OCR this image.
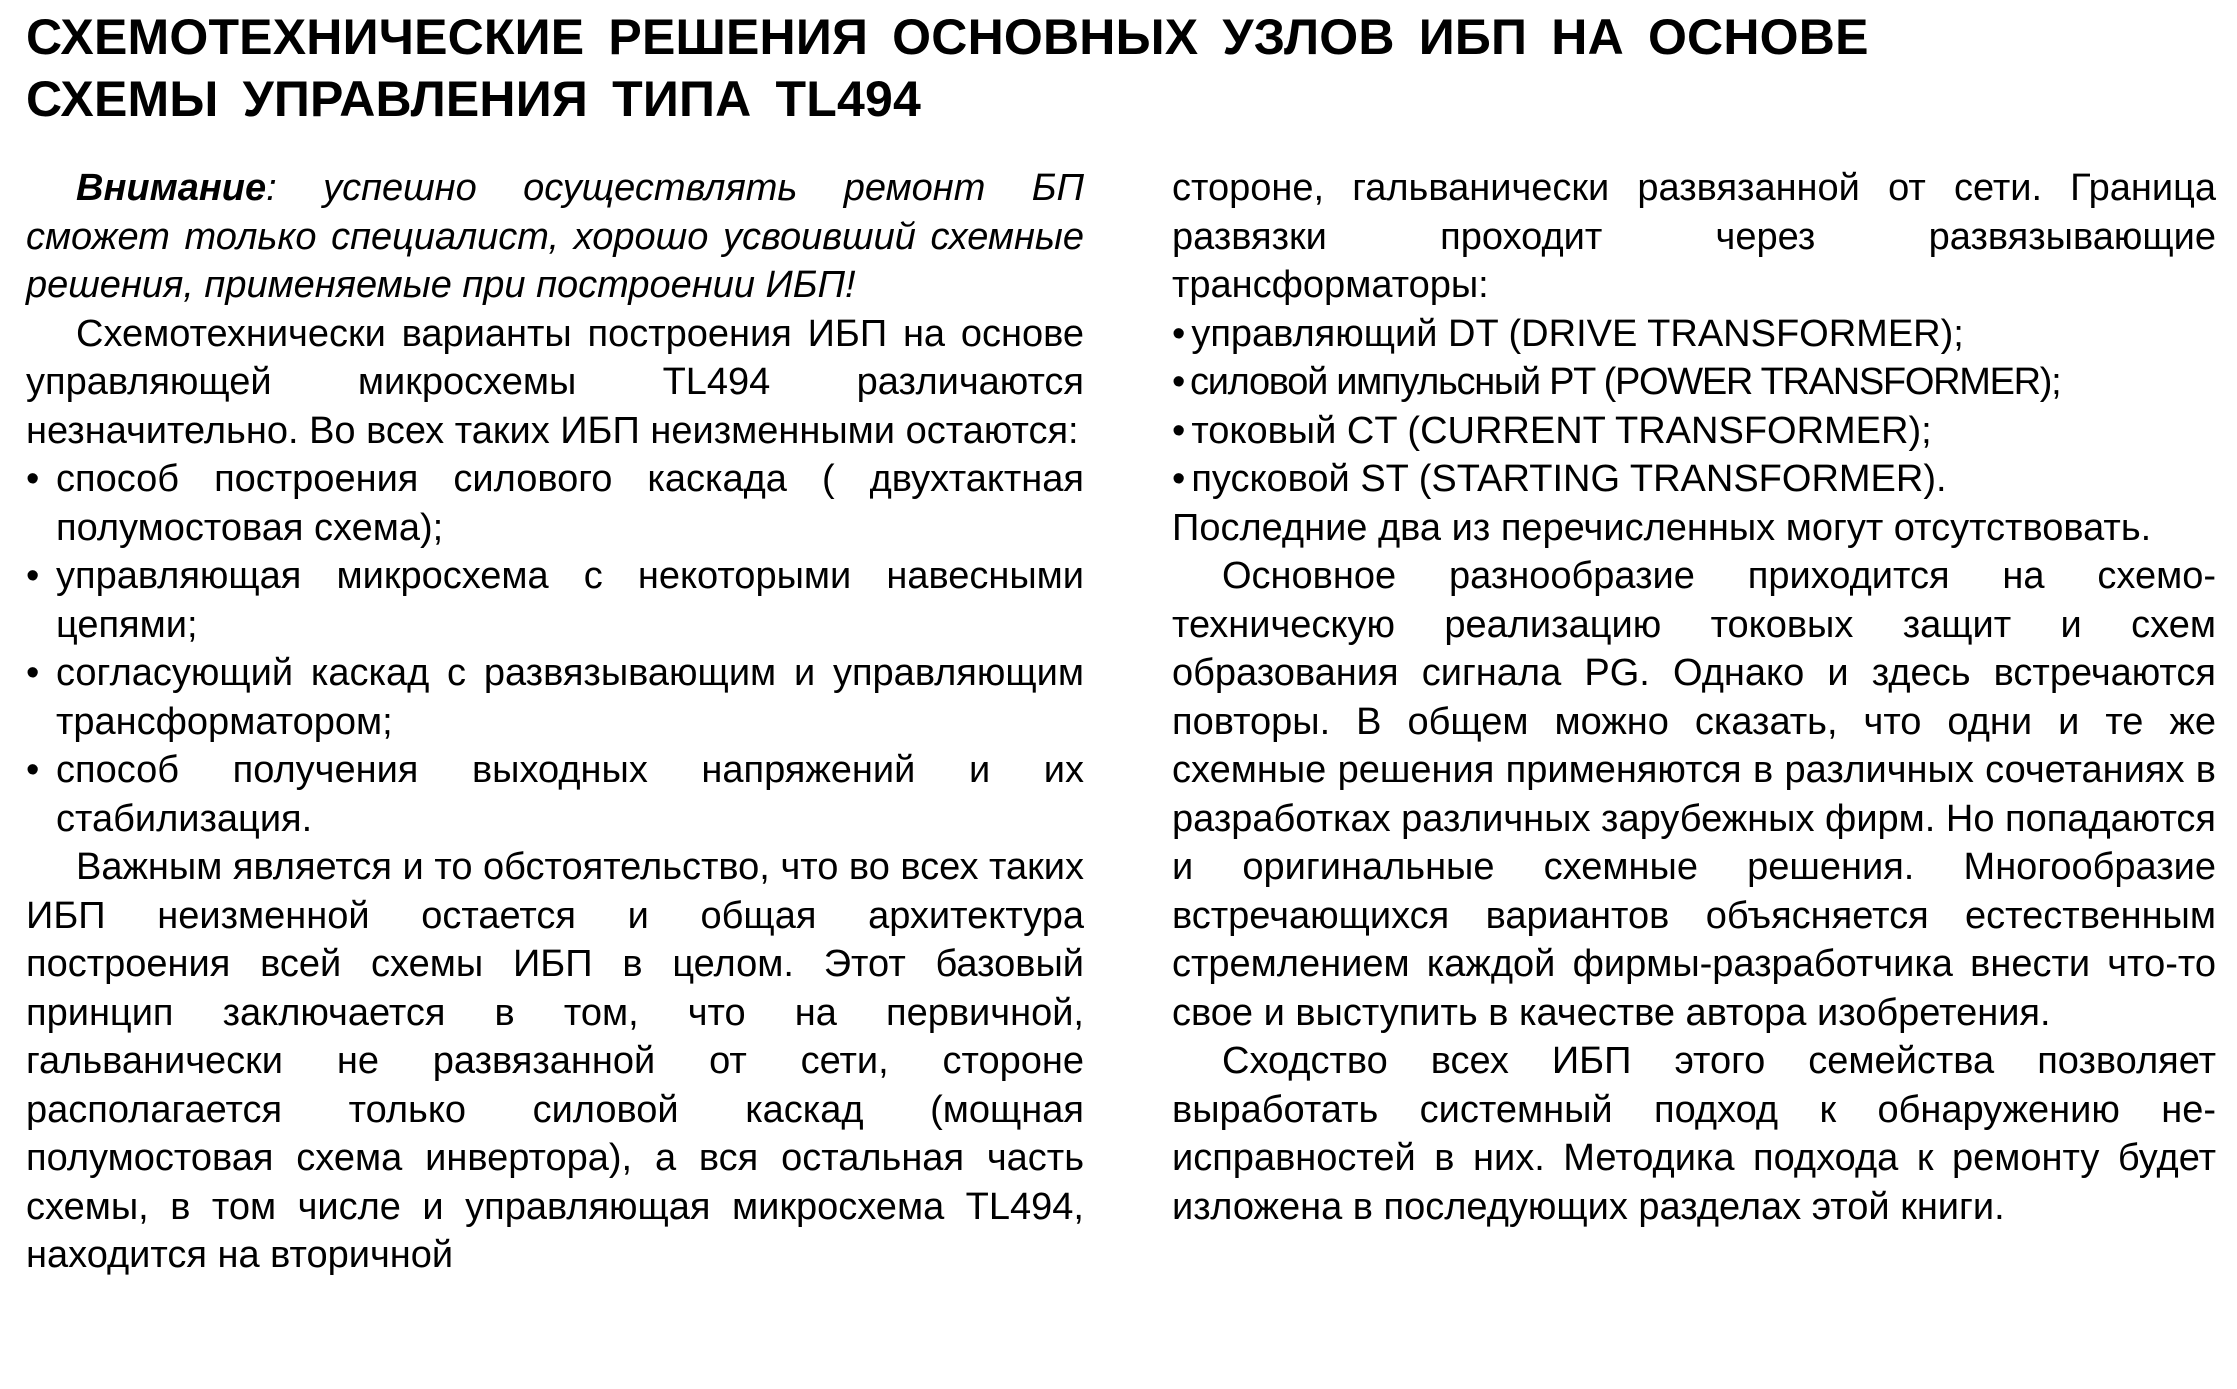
СХЕМОТЕХНИЧЕСКИЕ РЕШЕНИЯ ОСНОВНЫХ УЗЛОВ ИБП НА ОСНОВЕ
СХЕМЫ УПРАВЛЕНИЯ ТИПА TL494

Внимание: успешно осуществлять ремонт БП сможет только специалист, хорошо усвоивший схемные решения, применяемые при построении ИБП!

Схемотехнически варианты построения ИБП на основе управляющей микросхемы TL494 различаются незначительно. Во всех таких ИБП неизменными остаются:

• способ построения силового каскада ( двухтактная полумостовая схема);
• управляющая микросхема с некоторыми навесными цепями;
• согласующий каскад с развязывающим и управляющим трансформатором;
• способ получения выходных напряжений и их стабилизация.

Важным является и то обстоятельство, что во всех таких ИБП неизменной остается и общая архитектура построения всей схемы ИБП в целом. Этот базовый принцип заключается в том, что на первичной, гальванически не развязанной от сети, стороне располагается только силовой каскад (мощная полумостовая схема инвертора), а вся остальная часть схемы, в том числе и управляющая микросхема TL494, находится на вторичной

стороне, гальванически развязанной от сети. Граница развязки проходит через развязывающие трансформаторы:

• управляющий DT (DRIVE TRANSFORMER);
• силовой импульсный PT (POWER TRANSFORMER);
• токовый CT (CURRENT TRANSFORMER);
• пусковой ST (STARTING TRANSFORMER).

Последние два из перечисленных могут отсутствовать.

Основное разнообразие приходится на схемотехническую реализацию токовых защит и схем образования сигнала PG. Однако и здесь встречаются повторы. В общем можно сказать, что одни и те же схемные решения применяются в различных сочетаниях в разработках различных зарубежных фирм. Но попадаются и оригинальные схемные решения. Многообразие встречающихся вариантов объясняется естественным стремлением каждой фирмы-разработчика внести что-то свое и выступить в качестве автора изобретения.

Сходство всех ИБП этого семейства позволяет выработать системный подход к обнаружению неисправностей в них. Методика подхода к ремонту будет изложена в последующих разделах этой книги.
